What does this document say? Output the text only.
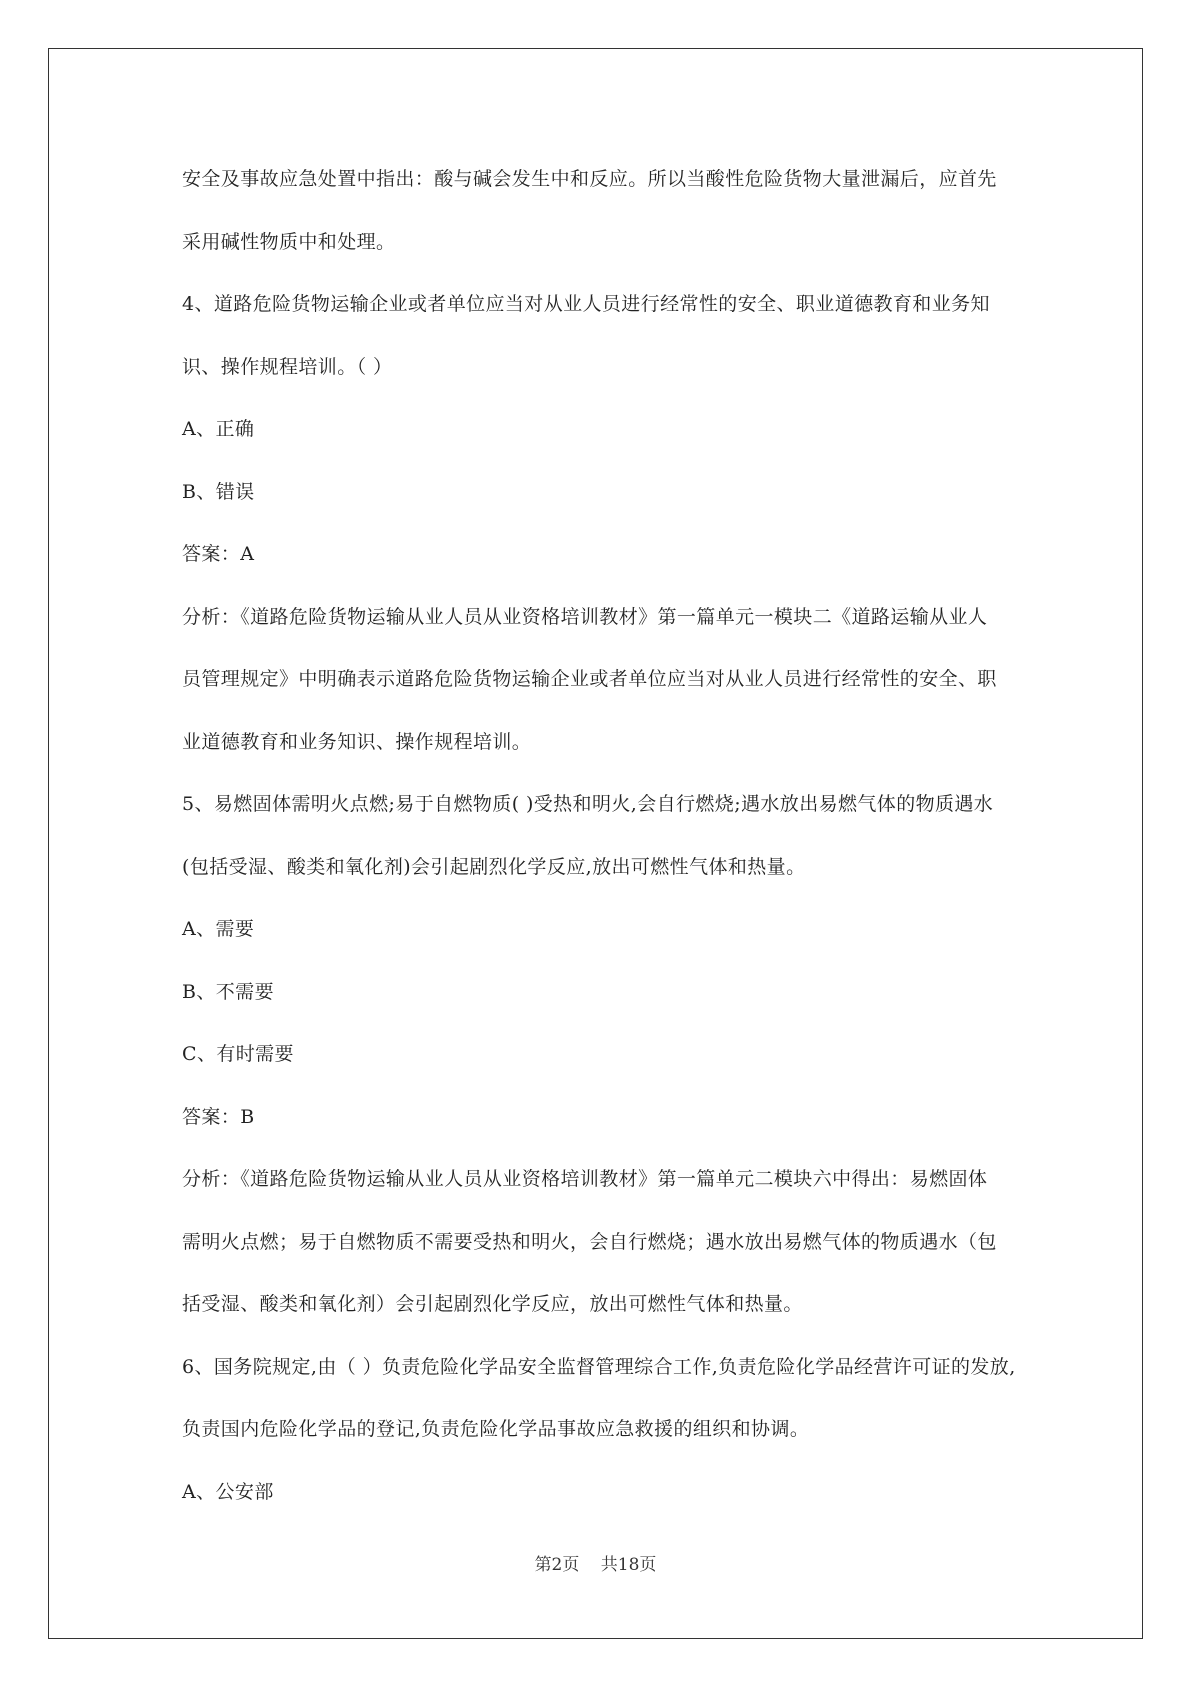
安全及事故应急处置中指出：酸与碱会发生中和反应。所以当酸性危险货物大量泄漏后，应首先
采用碱性物质中和处理。
4、道路危险货物运输企业或者单位应当对从业人员进行经常性的安全、职业道德教育和业务知
识、操作规程培训。（ ）
A、正确
B、错误
答案：A
分析：《道路危险货物运输从业人员从业资格培训教材》第一篇单元一模块二《道路运输从业人
员管理规定》中明确表示道路危险货物运输企业或者单位应当对从业人员进行经常性的安全、职
业道德教育和业务知识、操作规程培训。
5、易燃固体需明火点燃;易于自燃物质( )受热和明火,会自行燃烧;遇水放出易燃气体的物质遇水
(包括受湿、酸类和氧化剂)会引起剧烈化学反应,放出可燃性气体和热量。
A、需要
B、不需要
C、有时需要
答案：B
分析：《道路危险货物运输从业人员从业资格培训教材》第一篇单元二模块六中得出：易燃固体
需明火点燃；易于自燃物质不需要受热和明火，会自行燃烧；遇水放出易燃气体的物质遇水（包
括受湿、酸类和氧化剂）会引起剧烈化学反应，放出可燃性气体和热量。
6、国务院规定,由（ ）负责危险化学品安全监督管理综合工作,负责危险化学品经营许可证的发放,
负责国内危险化学品的登记,负责危险化学品事故应急救援的组织和协调。
A、公安部
第2页 共18页
